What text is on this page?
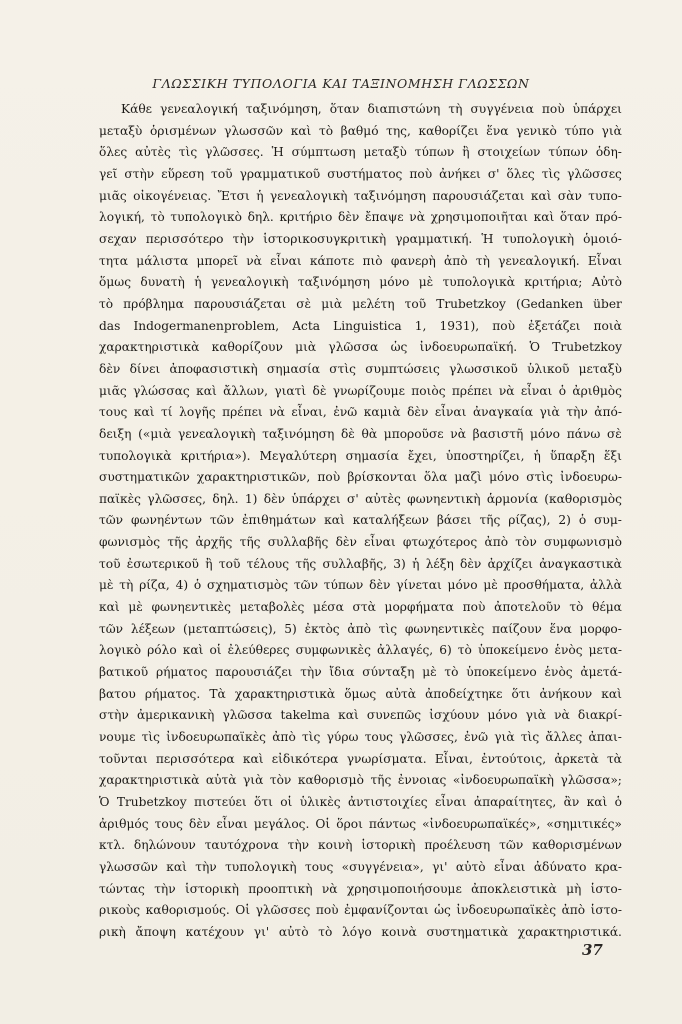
ΓΛΩΣΣΙΚΗ ΤΥΠΟΛΟΓΙΑ ΚΑΙ ΤΑΞΙΝΟΜΗΣΗ ΓΛΩΣΣΩΝ
Κάθε γενεαλογική ταξινόμηση, ὅταν διαπιστώνη τὴ συγγένεια ποὺ ὑπάρχει
μεταξὺ ὁρισμένων γλωσσῶν καὶ τὸ βαθμό της, καθορίζει ἕνα γενικὸ τύπο γιὰ
ὅλες αὐτὲς τὶς γλῶσσες. Ἡ σύμπτωση μεταξὺ τύπων ἢ στοιχείων τύπων ὁδη-
γεῖ στὴν εὕρεση τοῦ γραμματικοῦ συστήματος ποὺ ἀνήκει σ' ὅλες τὶς γλῶσσες
μιᾶς οἰκογένειας. Ἔτσι ἡ γενεαλογικὴ ταξινόμηση παρουσιάζεται καὶ σὰν τυπο-
λογική, τὸ τυπολογικὸ δηλ. κριτήριο δὲν ἔπαψε νὰ χρησιμοποιῆται καὶ ὅταν πρό-
σεχαν περισσότερο τὴν ἱστορικοσυγκριτικὴ γραμματική. Ἡ τυπολογικὴ ὁμοιό-
τητα μάλιστα μπορεῖ νὰ εἶναι κάποτε πιὸ φανερὴ ἀπὸ τὴ γενεαλογική. Εἶναι
ὅμως δυνατὴ ἡ γενεαλογικὴ ταξινόμηση μόνο μὲ τυπολογικὰ κριτήρια; Αὐτὸ
τὸ πρόβλημα παρουσιάζεται σὲ μιὰ μελέτη τοῦ Trubetzkoy (Gedanken über
das Indogermanenproblem, Acta Linguistica 1, 1931), ποὺ ἐξετάζει ποιὰ
χαρακτηριστικὰ καθορίζουν μιὰ γλῶσσα ὡς ἰνδοευρωπαϊκή. Ὁ Trubetzkoy
δὲν δίνει ἀποφασιστικὴ σημασία στὶς συμπτώσεις γλωσσικοῦ ὑλικοῦ μεταξὺ
μιᾶς γλώσσας καὶ ἄλλων, γιατὶ δὲ γνωρίζουμε ποιὸς πρέπει νὰ εἶναι ὁ ἀριθμὸς
τους καὶ τί λογῆς πρέπει νὰ εἶναι, ἐνῶ καμιὰ δὲν εἶναι ἀναγκαία γιὰ τὴν ἀπό-
δειξη («μιὰ γενεαλογικὴ ταξινόμηση δὲ θὰ μποροῦσε νὰ βασιστῆ μόνο πάνω σὲ
τυπολογικὰ κριτήρια»). Μεγαλύτερη σημασία ἔχει, ὑποστηρίζει, ἡ ὕπαρξη ἕξι
συστηματικῶν χαρακτηριστικῶν, ποὺ βρίσκονται ὅλα μαζὶ μόνο στὶς ἰνδοευρω-
παϊκὲς γλῶσσες, δηλ. 1) δὲν ὑπάρχει σ' αὐτὲς φωνηεντικὴ ἁρμονία (καθορισμὸς
τῶν φωνηέντων τῶν ἐπιθημάτων καὶ καταλήξεων βάσει τῆς ρίζας), 2) ὁ συμ-
φωνισμὸς τῆς ἀρχῆς τῆς συλλαβῆς δὲν εἶναι φτωχότερος ἀπὸ τὸν συμφωνισμὸ
τοῦ ἐσωτερικοῦ ἢ τοῦ τέλους τῆς συλλαβῆς, 3) ἡ λέξη δὲν ἀρχίζει ἀναγκαστικὰ
μὲ τὴ ρίζα, 4) ὁ σχηματισμὸς τῶν τύπων δὲν γίνεται μόνο μὲ προσθήματα, ἀλλὰ
καὶ μὲ φωνηεντικὲς μεταβολὲς μέσα στὰ μορφήματα ποὺ ἀποτελοῦν τὸ θέμα
τῶν λέξεων (μεταπτώσεις), 5) ἐκτὸς ἀπὸ τὶς φωνηεντικὲς παίζουν ἕνα μορφο-
λογικὸ ρόλο καὶ οἱ ἐλεύθερες συμφωνικὲς ἀλλαγές, 6) τὸ ὑποκείμενο ἑνὸς μετα-
βατικοῦ ρήματος παρουσιάζει τὴν ἴδια σύνταξη μὲ τὸ ὑποκείμενο ἑνὸς ἀμετά-
βατου ρήματος. Τὰ χαρακτηριστικὰ ὅμως αὐτὰ ἀποδείχτηκε ὅτι ἀνήκουν καὶ
στὴν ἀμερικανικὴ γλῶσσα takelma καὶ συνεπῶς ἰσχύουν μόνο γιὰ νὰ διακρί-
νουμε τὶς ἰνδοευρωπαϊκὲς ἀπὸ τὶς γύρω τους γλῶσσες, ἐνῶ γιὰ τὶς ἄλλες ἀπαι-
τοῦνται περισσότερα καὶ εἰδικότερα γνωρίσματα. Εἶναι, ἐντούτοις, ἀρκετὰ τὰ
χαρακτηριστικὰ αὐτὰ γιὰ τὸν καθορισμὸ τῆς ἐννοιας «ἰνδοευρωπαϊκὴ γλῶσσα»;
Ὁ Trubetzkoy πιστεύει ὅτι οἱ ὑλικὲς ἀντιστοιχίες εἶναι ἀπαραίτητες, ἂν καὶ ὁ
ἀριθμός τους δὲν εἶναι μεγάλος. Οἱ ὅροι πάντως «ἰνδοευρωπαϊκές», «σημιτικές»
κτλ. δηλώνουν ταυτόχρονα τὴν κοινὴ ἱστορικὴ προέλευση τῶν καθορισμένων
γλωσσῶν καὶ τὴν τυπολογικὴ τους «συγγένεια», γι' αὐτὸ εἶναι ἀδύνατο κρα-
τώντας τὴν ἱστορικὴ προοπτικὴ νὰ χρησιμοποιήσουμε ἀποκλειστικὰ μὴ ἱστο-
ρικοὺς καθορισμούς. Οἱ γλῶσσες ποὺ ἐμφανίζονται ὡς ἰνδοευρωπαϊκὲς ἀπὸ ἱστο-
ρικὴ ἄποψη κατέχουν γι' αὐτὸ τὸ λόγο κοινὰ συστηματικὰ χαρακτηριστικά.
37
